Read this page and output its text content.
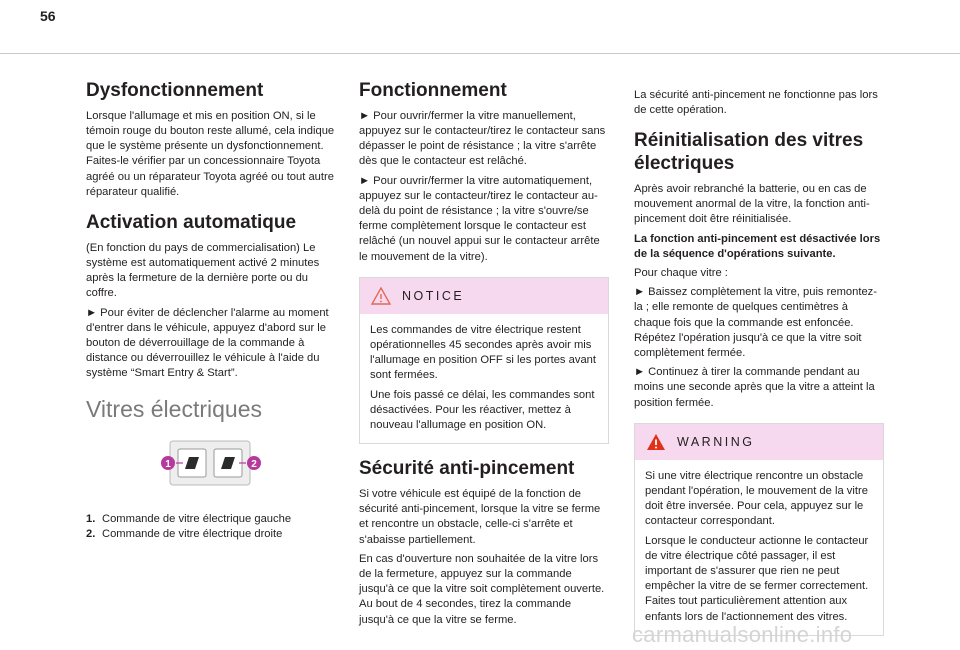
56
Dysfonctionnement

Lorsque l'allumage et mis en position ON, si le témoin rouge du bouton reste allumé, cela indique que le système présente un dysfonctionnement. Faites-le vérifier par un concessionnaire Toyota agréé ou un réparateur Toyota agréé ou tout autre réparateur qualifié.

Activation automatique

(En fonction du pays de commercialisation) Le système est automatiquement activé 2 minutes après la fermeture de la dernière porte ou du coffre.

► Pour éviter de déclencher l'alarme au moment d'entrer dans le véhicule, appuyez d'abord sur le bouton de déverrouillage de la commande à distance ou déverrouillez le véhicule à l'aide du système “Smart Entry & Start”.

Vitres électriques
1	2
1. Commande de vitre électrique gauche
2. Commande de vitre électrique droite
Fonctionnement

► Pour ouvrir/fermer la vitre manuellement, appuyez sur le contacteur/tirez le contacteur sans dépasser le point de résistance ; la vitre s'arrête dès que le contacteur est relâché.

► Pour ouvrir/fermer la vitre automatiquement, appuyez sur le contacteur/tirez le contacteur au-delà du point de résistance ; la vitre s'ouvre/se ferme complètement lorsque le contacteur est relâché (un nouvel appui sur le contacteur arrête le mouvement de la vitre).

NOTICE

Les commandes de vitre électrique restent opérationnelles 45 secondes après avoir mis l'allumage en position OFF si les portes avant sont fermées.

Une fois passé ce délai, les commandes sont désactivées. Pour les réactiver, mettez à nouveau l'allumage en position ON.

Sécurité anti-pincement

Si votre véhicule est équipé de la fonction de sécurité anti-pincement, lorsque la vitre se ferme et rencontre un obstacle, celle-ci s'arrête et s'abaisse partiellement.

En cas d'ouverture non souhaitée de la vitre lors de la fermeture, appuyez sur la commande jusqu'à ce que la vitre soit complètement ouverte. Au bout de 4 secondes, tirez la commande jusqu'à ce que la vitre se ferme.

La sécurité anti-pincement ne fonctionne pas lors de cette opération.

Réinitialisation des vitres électriques

Après avoir rebranché la batterie, ou en cas de mouvement anormal de la vitre, la fonction anti-pincement doit être réinitialisée.

La fonction anti-pincement est désactivée lors de la séquence d'opérations suivante.

Pour chaque vitre :

► Baissez complètement la vitre, puis remontez-la ; elle remonte de quelques centimètres à chaque fois que la commande est enfoncée. Répétez l'opération jusqu'à ce que la vitre soit complètement fermée.

► Continuez à tirer la commande pendant au moins une seconde après que la vitre a atteint la position fermée.

WARNING

Si une vitre électrique rencontre un obstacle pendant l'opération, le mouvement de la vitre doit être inversée. Pour cela, appuyez sur le contacteur correspondant.

Lorsque le conducteur actionne le contacteur de vitre électrique côté passager, il est important de s'assurer que rien ne peut empêcher la vitre de se fermer correctement. Faites tout particulièrement attention aux enfants lors de l'actionnement des vitres.

carmanualsonline.info
